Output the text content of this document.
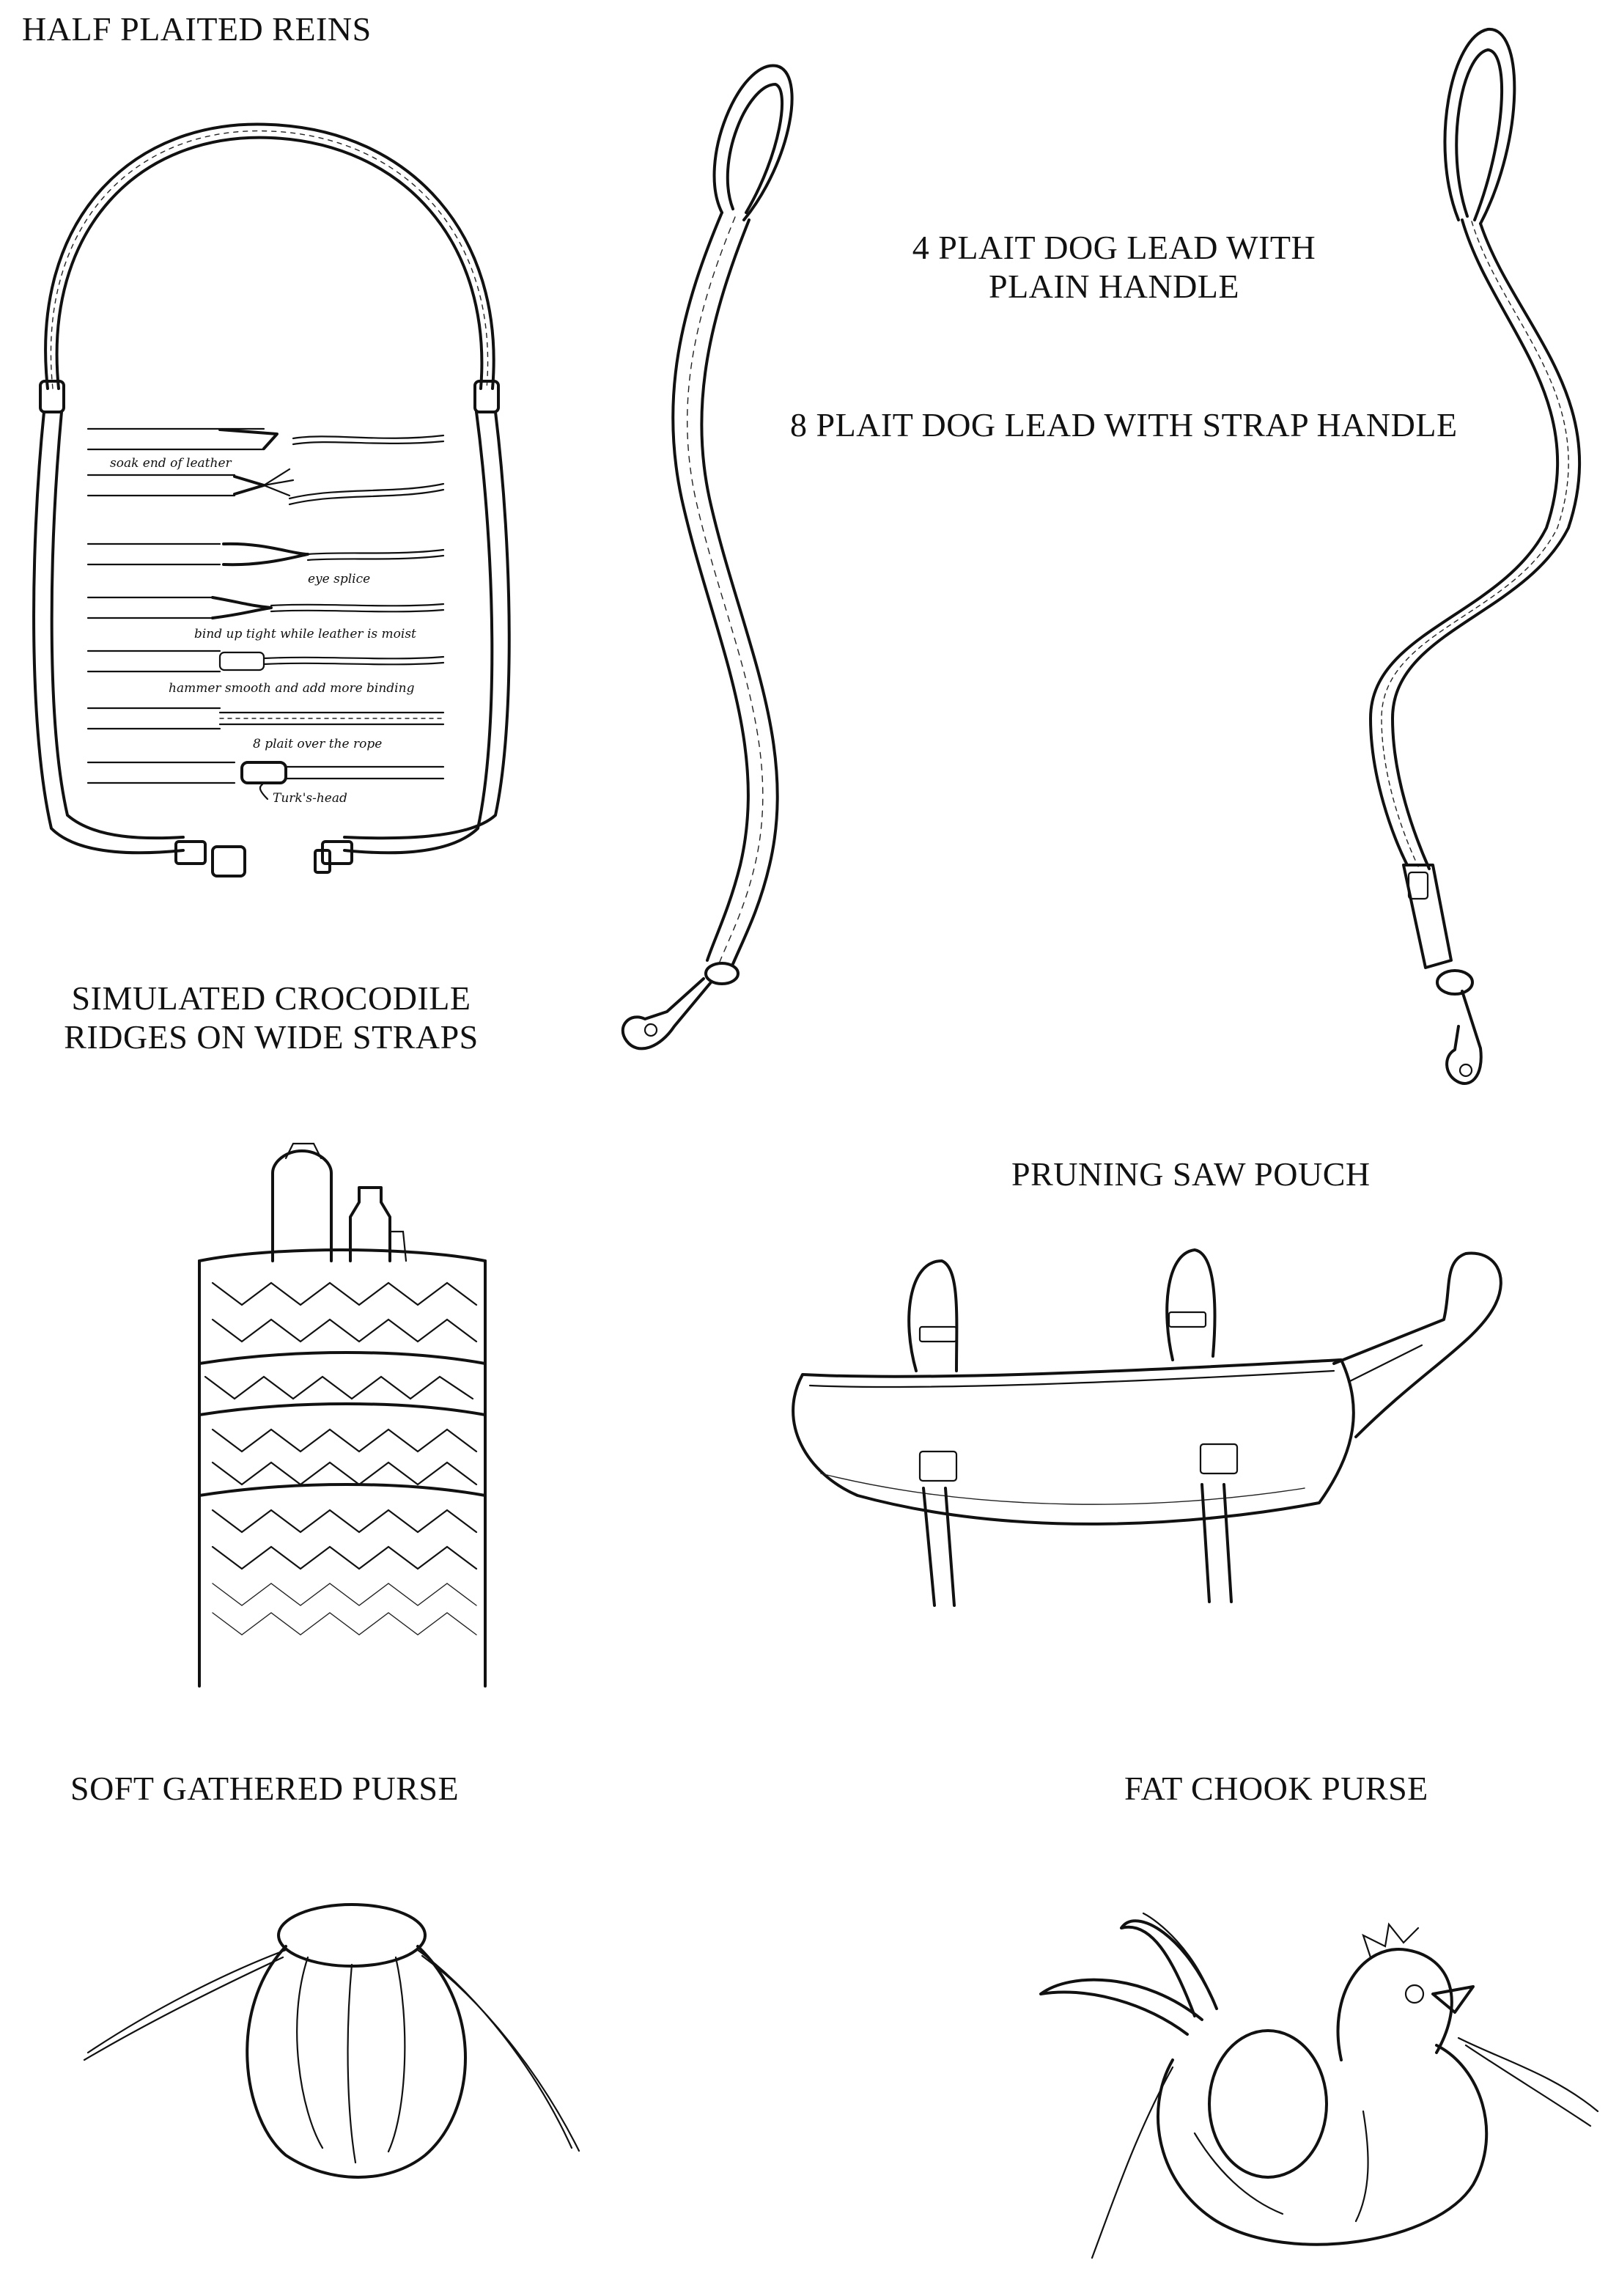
HALF PLAITED REINS
4 PLAIT DOG LEAD WITH
PLAIN HANDLE
8 PLAIT DOG LEAD WITH STRAP HANDLE
SIMULATED CROCODILE
RIDGES ON WIDE STRAPS
PRUNING SAW POUCH
SOFT GATHERED PURSE	FAT CHOOK PURSE
soak end of leather
eye splice
bind up tight while leather is moist
hammer smooth and add more binding
8 plait over the rope
Turk's-head
